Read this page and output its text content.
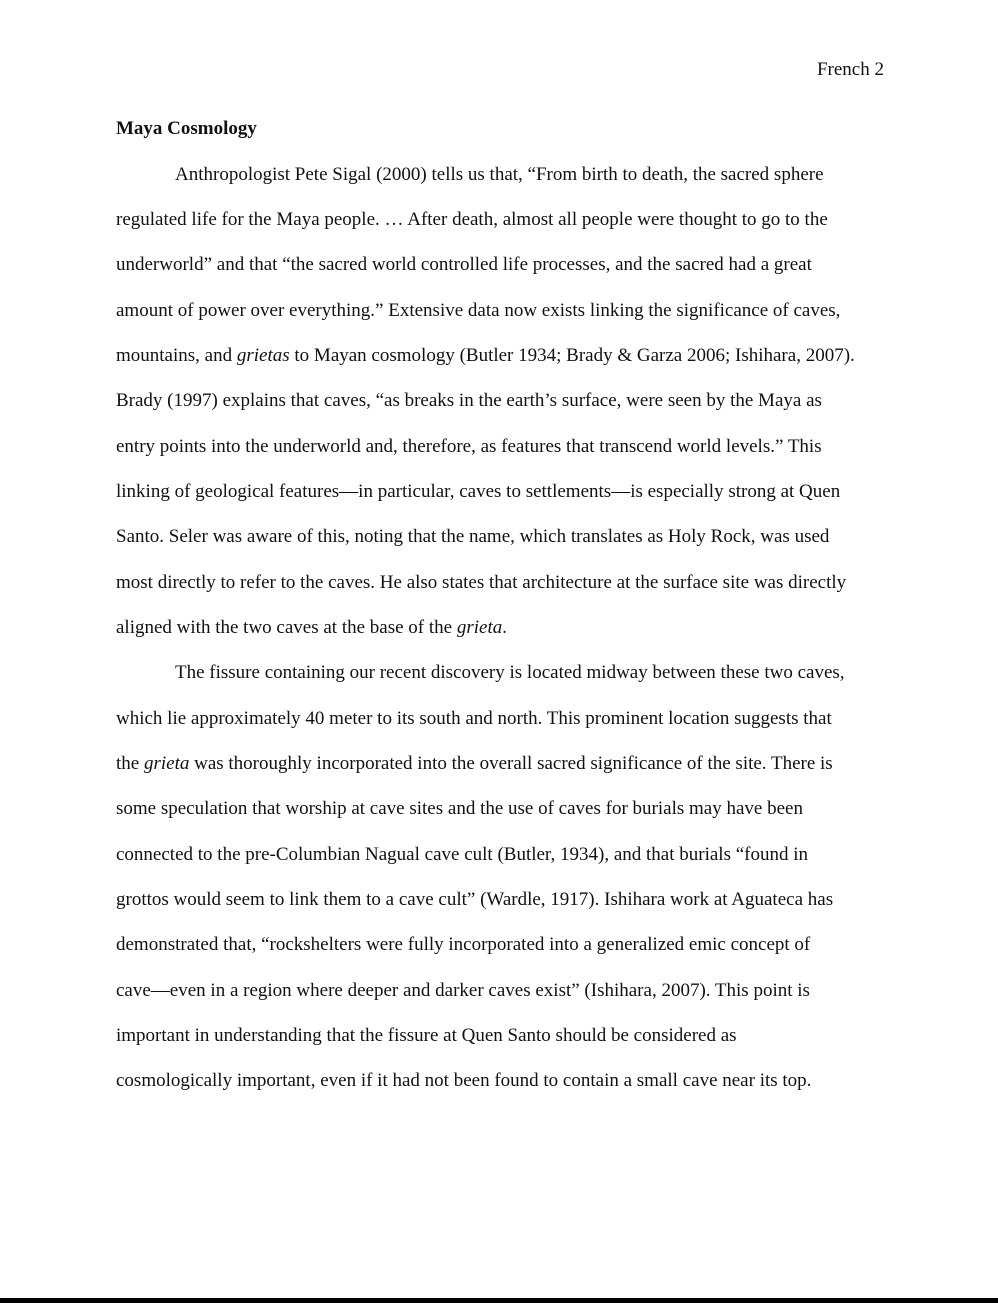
French 2
Maya Cosmology
Anthropologist Pete Sigal (2000) tells us that, “From birth to death, the sacred sphere
regulated life for the Maya people. … After death, almost all people were thought to go to the
underworld” and that “the sacred world controlled life processes, and the sacred had a great
amount of power over everything.” Extensive data now exists linking the significance of caves,
mountains, and grietas to Mayan cosmology (Butler 1934; Brady & Garza 2006; Ishihara, 2007).
Brady (1997) explains that caves, “as breaks in the earth’s surface, were seen by the Maya as
entry points into the underworld and, therefore, as features that transcend world levels.” This
linking of geological features—in particular, caves to settlements—is especially strong at Quen
Santo. Seler was aware of this, noting that the name, which translates as Holy Rock, was used
most directly to refer to the caves. He also states that architecture at the surface site was directly
aligned with the two caves at the base of the grieta.
The fissure containing our recent discovery is located midway between these two caves,
which lie approximately 40 meter to its south and north. This prominent location suggests that
the grieta was thoroughly incorporated into the overall sacred significance of the site. There is
some speculation that worship at cave sites and the use of caves for burials may have been
connected to the pre-Columbian Nagual cave cult (Butler, 1934), and that burials “found in
grottos would seem to link them to a cave cult” (Wardle, 1917). Ishihara work at Aguateca has
demonstrated that, “rockshelters were fully incorporated into a generalized emic concept of
cave—even in a region where deeper and darker caves exist” (Ishihara, 2007). This point is
important in understanding that the fissure at Quen Santo should be considered as
cosmologically important, even if it had not been found to contain a small cave near its top.
